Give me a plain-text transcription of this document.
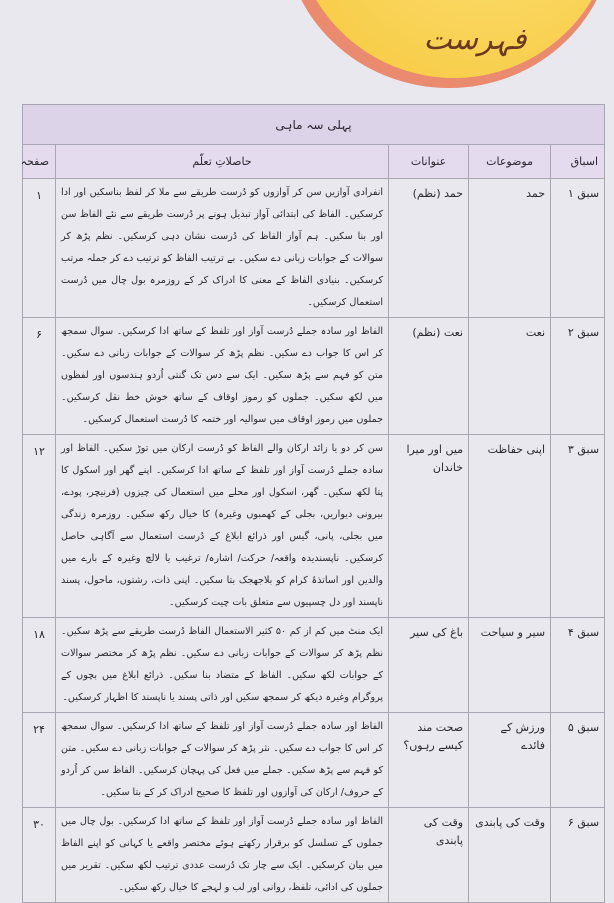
فہرست
پہلی سہ ماہی				
اسباق	موضوعات	عنوانات	حاصلاتِ تعلّم	صفحہ
سبق ۱	حمد	حمد (نظم)	انفرادی آوازیں سن کر آوازوں کو دُرست طریقے سے ملا کر لفظ بناسکیں اور ادا کرسکیں۔ الفاظ کی ابتدائی آواز تبدیل ہونے پر دُرست طریقے سے نئے الفاظ سن اور بنا سکیں۔ ہم آواز الفاظ کی دُرست نشان دہی کرسکیں۔ نظم پڑھ کر سوالات کے جوابات زبانی دے سکیں۔ بے ترتیب الفاظ کو ترتیب دے کر جملہ مرتب کرسکیں۔ بنیادی الفاظ کے معنی کا ادراک کر کے روزمرہ بول چال میں دُرست استعمال کرسکیں۔	۱
سبق ۲	نعت	نعت (نظم)	الفاظ اور سادہ جملے دُرست آواز اور تلفظ کے ساتھ ادا کرسکیں۔ سوال سمجھ کر اس کا جواب دے سکیں۔ نظم پڑھ کر سوالات کے جوابات زبانی دے سکیں۔ متن کو فہم سے پڑھ سکیں۔ ایک سے دس تک گنتی اُردو ہندسوں اور لفظوں میں لکھ سکیں۔ جملوں کو رموز اوقاف کے ساتھ خوش خط نقل کرسکیں۔ جملوں میں رموز اوقاف میں سوالیہ اور ختمہ کا دُرست استعمال کرسکیں۔	۶
سبق ۳	اپنی حفاظت	میں اور میرا خاندان	سن کر دو یا زائد ارکان والے الفاظ کو دُرست ارکان میں توڑ سکیں۔ الفاظ اور سادہ جملے دُرست آواز اور تلفظ کے ساتھ ادا کرسکیں۔ اپنے گھر اور اسکول کا پتا لکھ سکیں۔ گھر، اسکول اور محلے میں استعمال کی چیزوں (فرنیچر، پودے، بیرونی دیواریں، بجلی کے کھمبوں وغیرہ) کا خیال رکھ سکیں۔ روزمرہ زندگی میں بجلی، پانی، گیس اور ذرائع ابلاغ کے دُرست استعمال سے آگاہی حاصل کرسکیں۔ ناپسندیدہ واقعہ/ حرکت/ اشارہ/ ترغیب یا لالچ وغیرہ کے بارے میں والدین اور اساتذۂ کرام کو بلاجھجک بتا سکیں۔ اپنی ذات، رشتوں، ماحول، پسند ناپسند اور دل چسپیوں سے متعلق بات چیت کرسکیں۔	۱۲
سبق ۴	سیر و سیاحت	باغ کی سیر	ایک منٹ میں کم از کم ۵۰ کثیر الاستعمال الفاظ دُرست طریقے سے پڑھ سکیں۔ نظم پڑھ کر سوالات کے جوابات زبانی دے سکیں۔ نظم پڑھ کر مختصر سوالات کے جوابات لکھ سکیں۔ الفاظ کے متضاد بنا سکیں۔ ذرائع ابلاغ میں بچوں کے پروگرام وغیرہ دیکھ کر سمجھ سکیں اور ذاتی پسند یا ناپسند کا اظہار کرسکیں۔	۱۸
سبق ۵	ورزش کے فائدے	صحت مند کیسے رہوں؟	الفاظ اور سادہ جملے دُرست آواز اور تلفظ کے ساتھ ادا کرسکیں۔ سوال سمجھ کر اس کا جواب دے سکیں۔ نثر پڑھ کر سوالات کے جوابات زبانی دے سکیں۔ متن کو فہم سے پڑھ سکیں۔ جملے میں فعل کی پہچان کرسکیں۔ الفاظ سن کر اُردو کے حروف/ ارکان کی آوازوں اور تلفظ کا صحیح ادراک کر کے بتا سکیں۔	۲۴
سبق ۶	وقت کی پابندی	وقت کی پابندی	الفاظ اور سادہ جملے دُرست آواز اور تلفظ کے ساتھ ادا کرسکیں۔ بول چال میں جملوں کے تسلسل کو برقرار رکھتے ہوئے مختصر واقعے یا کہانی کو اپنے الفاظ میں بیان کرسکیں۔ ایک سے چار تک دُرست عددی ترتیب لکھ سکیں۔ تقریر میں جملوں کی ادائی، تلفظ، روانی اور لب و لہجے کا خیال رکھ سکیں۔	۳۰
